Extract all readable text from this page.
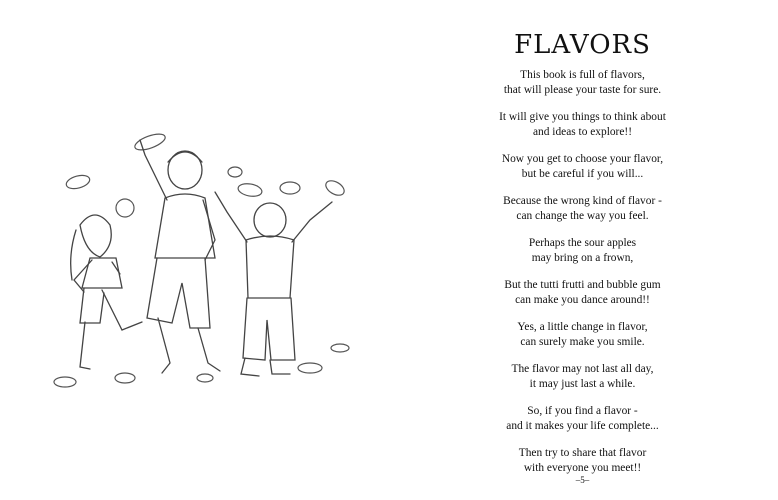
FLAVORS

This book is full of flavors,
that will please your taste for sure.

It will give you things to think about
and ideas to explore!!

Now you get to choose your flavor,
but be careful if you will...

Because the wrong kind of flavor -
can change the way you feel.

Perhaps the sour apples
may bring on a frown,

But the tutti frutti and bubble gum
can make you dance around!!

Yes, a little change in flavor,
can surely make you smile.

The flavor may not last all day,
it may just last a while.

So, if you find a flavor -
and it makes your life complete...

Then try to share that flavor
with everyone you meet!!

–5–
